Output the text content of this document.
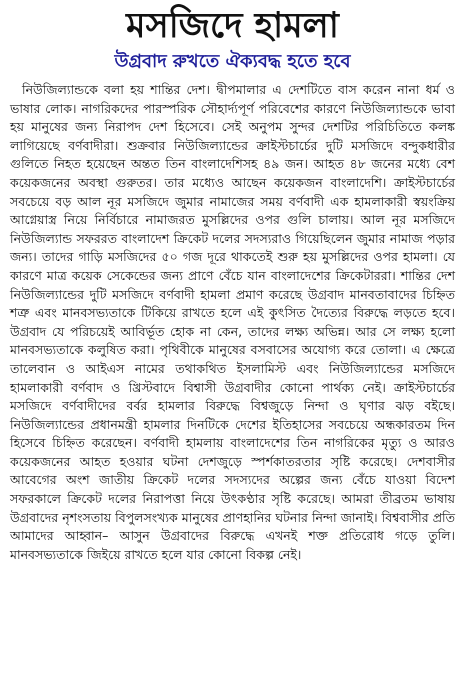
মসজিদে হামলা
উগ্রবাদ রুখতে ঐক্যবদ্ধ হতে হবে

নিউজিল্যান্ডকে বলা হয় শান্তির দেশ। দ্বীপমালার এ দেশটিতে বাস করেন নানা ধর্ম ও ভাষার লোক। নাগরিকদের পারস্পরিক সৌহার্দ্যপূর্ণ পরিবেশের কারণে নিউজিল্যান্ডকে ভাবা হয় মানুষের জন্য নিরাপদ দেশ হিসেবে। সেই অনুপম সুন্দর দেশটির পরিচিতিতে কলঙ্ক লাগিয়েছে বর্ণবাদীরা। শুক্রবার নিউজিল্যান্ডের ক্রাইস্টচার্চের দুটি মসজিদে বন্দুকধারীর গুলিতে নিহত হয়েছেন অন্তত তিন বাংলাদেশিসহ ৪৯ জন। আহত ৪৮ জনের মধ্যে বেশ কয়েকজনের অবস্থা গুরুতর। তার মধ্যেও আছেন কয়েকজন বাংলাদেশি। ক্রাইস্টচার্চের সবচেয়ে বড় আল নূর মসজিদে জুমার নামাজের সময় বর্ণবাদী এক হামলাকারী স্বয়ংক্রিয় আগ্নেয়াস্ত্র নিয়ে নির্বিচারে নামাজরত মুসল্লিদের ওপর গুলি চালায়। আল নূর মসজিদে নিউজিল্যান্ড সফররত বাংলাদেশ ক্রিকেট দলের সদস্যরাও গিয়েছিলেন জুমার নামাজ পড়ার জন্য। তাদের গাড়ি মসজিদের ৫০ গজ দূরে থাকতেই শুরু হয় মুসল্লিদের ওপর হামলা। যে কারণে মাত্র কয়েক সেকেন্ডের জন্য প্রাণে বেঁচে যান বাংলাদেশের ক্রিকেটাররা। শান্তির দেশ নিউজিল্যান্ডের দুটি মসজিদে বর্ণবাদী হামলা প্রমাণ করেছে উগ্রবাদ মানবতাবাদের চিহ্নিত শত্রু এবং মানবসভ্যতাকে টিকিয়ে রাখতে হলে এই কুৎসিত দৈত্যের বিরুদ্ধে লড়তে হবে। উগ্রবাদ যে পরিচয়েই আবির্ভূত হোক না কেন, তাদের লক্ষ্য অভিন্ন। আর সে লক্ষ্য হলো মানবসভ্যতাকে কলুষিত করা। পৃথিবীকে মানুষের বসবাসের অযোগ্য করে তোলা। এ ক্ষেত্রে তালেবান ও আইএস নামের তথাকথিত ইসলামিস্ট এবং নিউজিল্যান্ডের মসজিদে হামলাকারী বর্ণবাদ ও খ্রিস্টবাদে বিশ্বাসী উগ্রবাদীর কোনো পার্থক্য নেই। ক্রাইস্টচার্চের মসজিদে বর্ণবাদীদের বর্বর হামলার বিরুদ্ধে বিশ্বজুড়ে নিন্দা ও ঘৃণার ঝড় বইছে। নিউজিল্যান্ডের প্রধানমন্ত্রী হামলার দিনটিকে দেশের ইতিহাসের সবচেয়ে অন্ধকারতম দিন হিসেবে চিহ্নিত করেছেন। বর্ণবাদী হামলায় বাংলাদেশের তিন নাগরিকের মৃত্যু ও আরও কয়েকজনের আহত হওয়ার ঘটনা দেশজুড়ে স্পর্শকাতরতার সৃষ্টি করেছে। দেশবাসীর আবেগের অংশ জাতীয় ক্রিকেট দলের সদস্যদের অল্পের জন্য বেঁচে যাওয়া বিদেশ সফরকালে ক্রিকেট দলের নিরাপত্তা নিয়ে উৎকণ্ঠার সৃষ্টি করেছে। আমরা তীব্রতম ভাষায় উগ্রবাদের নৃশংসতায় বিপুলসংখ্যক মানুষের প্রাণহানির ঘটনার নিন্দা জানাই। বিশ্ববাসীর প্রতি আমাদের আহ্বান– আসুন উগ্রবাদের বিরুদ্ধে এখনই শক্ত প্রতিরোধ গড়ে তুলি। মানবসভ্যতাকে জিইয়ে রাখতে হলে যার কোনো বিকল্প নেই।
